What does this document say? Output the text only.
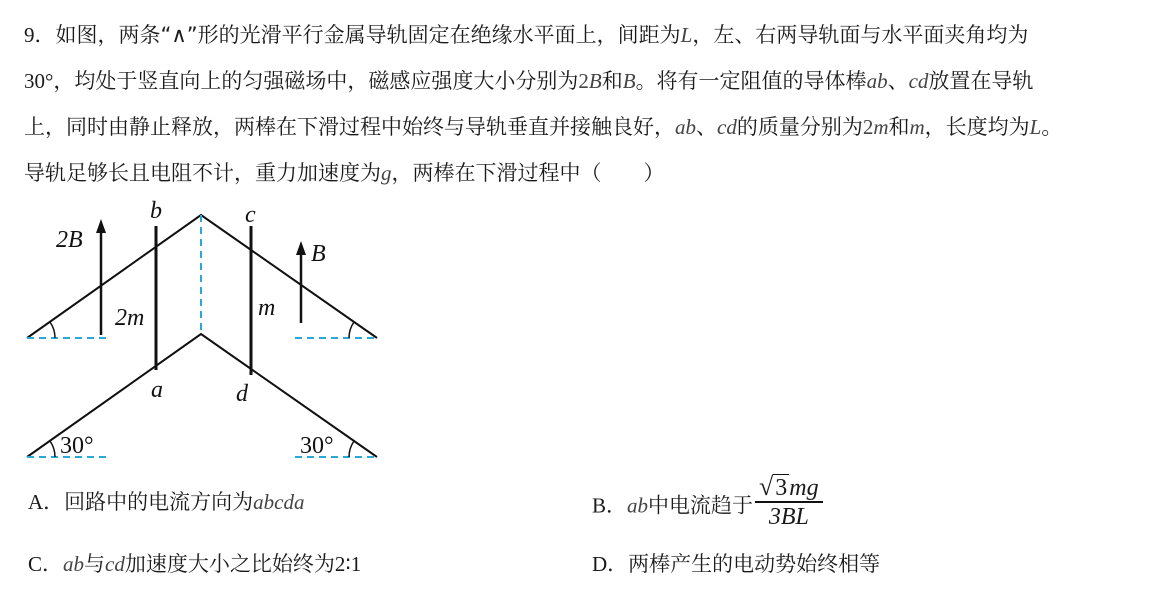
9．如图，两条“∧”形的光滑平行金属导轨固定在绝缘水平面上，间距为L，左、右两导轨面与水平面夹角均为
30°，均处于竖直向上的匀强磁场中，磁感应强度大小分别为2B和B。将有一定阻值的导体棒ab、cd放置在导轨
上，同时由静止释放，两棒在下滑过程中始终与导轨垂直并接触良好，ab、cd的质量分别为2m和m，长度均为L。
导轨足够长且电阻不计，重力加速度为g，两棒在下滑过程中（　　）
2B
B
b	c
a	d
2m	m
30°	30°
A．回路中的电流方向为abcda	B．ab中电流趋于 $\frac{√3mg}{3BL}$
C．ab与cd加速度大小之比始终为2∶1	D．两棒产生的电动势始终相等
